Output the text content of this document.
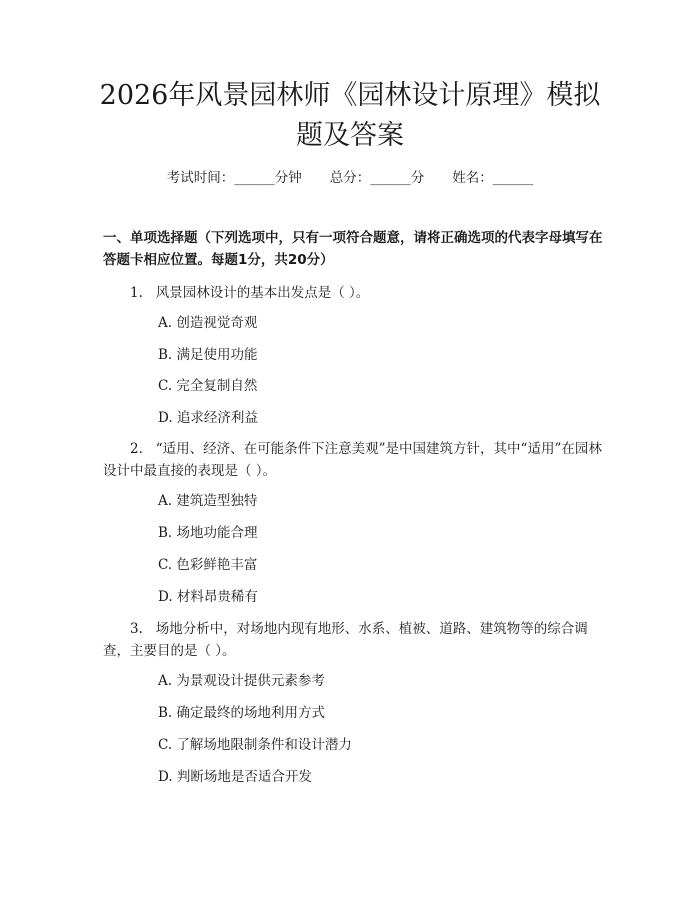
2026年风景园林师《园林设计原理》模拟题及答案
考试时间：______分钟 总分：______分 姓名：______
一、单项选择题（下列选项中，只有一项符合题意，请将正确选项的代表字母填写在答题卡相应位置。每题1分，共20分）
1.   风景园林设计的基本出发点是（ ）。
A. 创造视觉奇观
B. 满足使用功能
C. 完全复制自然
D. 追求经济利益
2.   “适用、经济、在可能条件下注意美观”是中国建筑方针，其中“适用”在园林设计中最直接的表现是（ ）。
A. 建筑造型独特
B. 场地功能合理
C. 色彩鲜艳丰富
D. 材料昂贵稀有
3.   场地分析中，对场地内现有地形、水系、植被、道路、建筑物等的综合调查，主要目的是（ ）。
A. 为景观设计提供元素参考
B. 确定最终的场地利用方式
C. 了解场地限制条件和设计潜力
D. 判断场地是否适合开发
